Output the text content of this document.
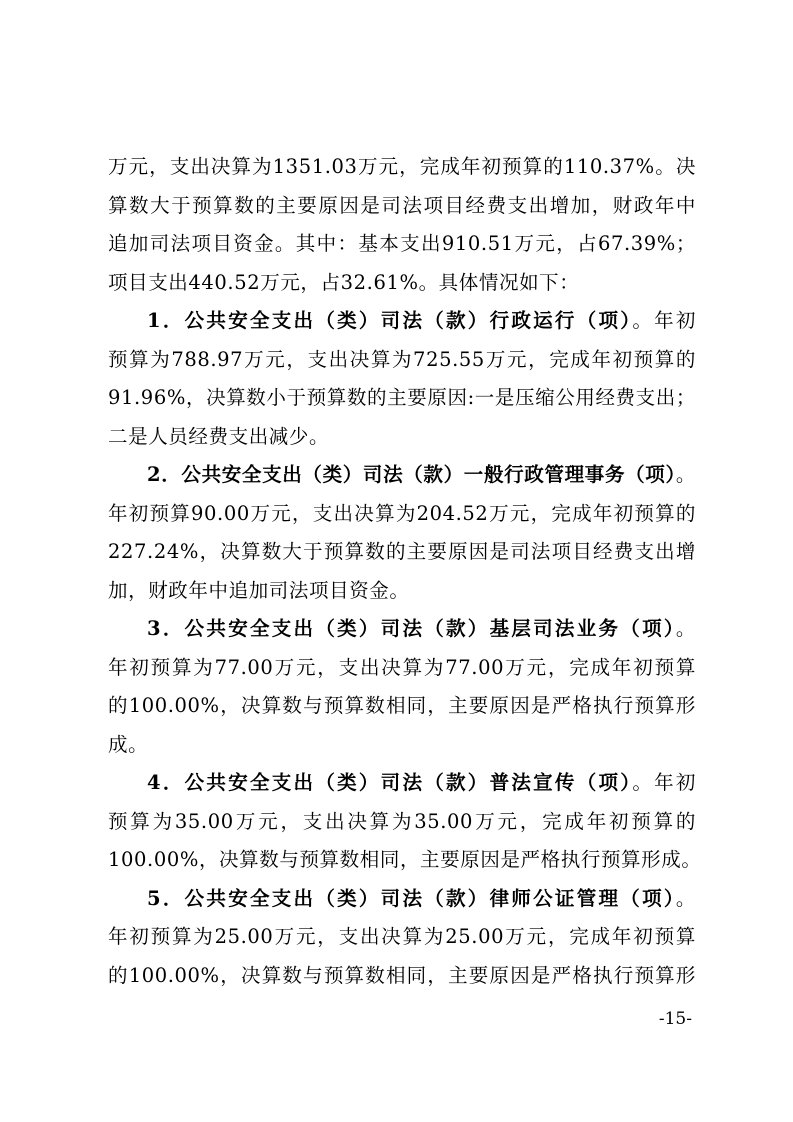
万元，支出决算为1351.03万元，完成年初预算的110.37%。决
算数大于预算数的主要原因是司法项目经费支出增加，财政年中
追加司法项目资金。其中：基本支出910.51万元，占67.39%；
项目支出440.52万元，占32.61%。具体情况如下：
1．公共安全支出（类）司法（款）行政运行（项）。年初
预算为788.97万元，支出决算为725.55万元，完成年初预算的
91.96%，决算数小于预算数的主要原因:一是压缩公用经费支出；
二是人员经费支出减少。
2．公共安全支出（类）司法（款）一般行政管理事务（项）。
年初预算90.00万元，支出决算为204.52万元，完成年初预算的
227.24%，决算数大于预算数的主要原因是司法项目经费支出增
加，财政年中追加司法项目资金。
3．公共安全支出（类）司法（款）基层司法业务（项）。
年初预算为77.00万元，支出决算为77.00万元，完成年初预算
的100.00%，决算数与预算数相同，主要原因是严格执行预算形
成。
4．公共安全支出（类）司法（款）普法宣传（项）。年初
预算为35.00万元，支出决算为35.00万元，完成年初预算的
100.00%，决算数与预算数相同，主要原因是严格执行预算形成。
5．公共安全支出（类）司法（款）律师公证管理（项）。
年初预算为25.00万元，支出决算为25.00万元，完成年初预算
的100.00%，决算数与预算数相同，主要原因是严格执行预算形
-15-
